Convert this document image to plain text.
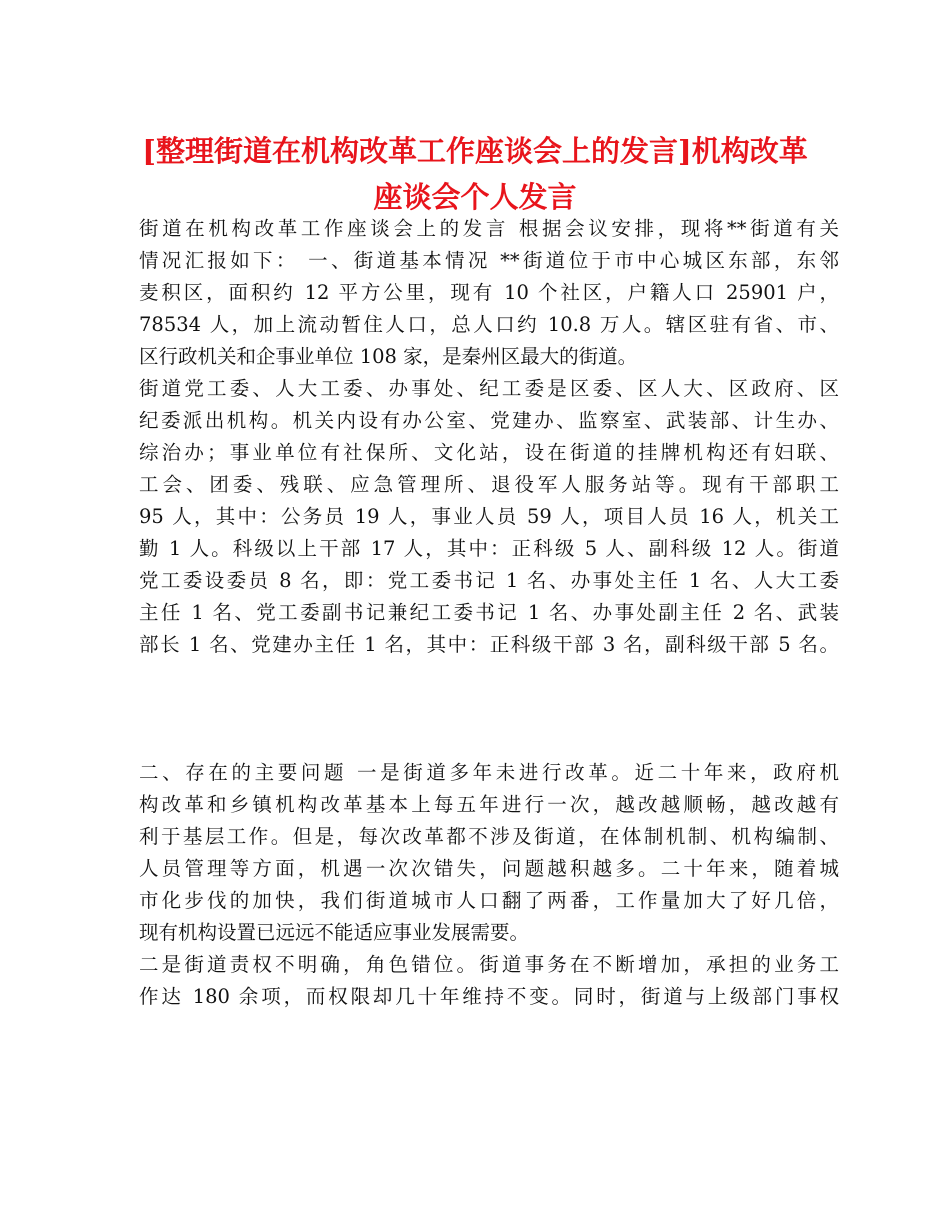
[整理街道在机构改革工作座谈会上的发言]机构改革
座谈会个人发言
街道在机构改革工作座谈会上的发言 根据会议安排，现将**街道有关
情况汇报如下： 一、街道基本情况 **街道位于市中心城区东部，东邻
麦积区，面积约 12 平方公里，现有 10 个社区，户籍人口 25901 户，
78534 人，加上流动暂住人口，总人口约 10.8 万人。辖区驻有省、市、
区行政机关和企事业单位 108 家，是秦州区最大的街道。
街道党工委、人大工委、办事处、纪工委是区委、区人大、区政府、区
纪委派出机构。机关内设有办公室、党建办、监察室、武装部、计生办、
综治办；事业单位有社保所、文化站，设在街道的挂牌机构还有妇联、
工会、团委、残联、应急管理所、退役军人服务站等。现有干部职工
95 人，其中：公务员 19 人，事业人员 59 人，项目人员 16 人，机关工
勤 1 人。科级以上干部 17 人，其中：正科级 5 人、副科级 12 人。街道
党工委设委员 8 名，即：党工委书记 1 名、办事处主任 1 名、人大工委
主任 1 名、党工委副书记兼纪工委书记 1 名、办事处副主任 2 名、武装
部长 1 名、党建办主任 1 名，其中：正科级干部 3 名，副科级干部 5 名。
二、存在的主要问题 一是街道多年未进行改革。近二十年来，政府机
构改革和乡镇机构改革基本上每五年进行一次，越改越顺畅，越改越有
利于基层工作。但是，每次改革都不涉及街道，在体制机制、机构编制、
人员管理等方面，机遇一次次错失，问题越积越多。二十年来，随着城
市化步伐的加快，我们街道城市人口翻了两番，工作量加大了好几倍，
现有机构设置已远远不能适应事业发展需要。
二是街道责权不明确，角色错位。街道事务在不断增加，承担的业务工
作达 180 余项，而权限却几十年维持不变。同时，街道与上级部门事权
